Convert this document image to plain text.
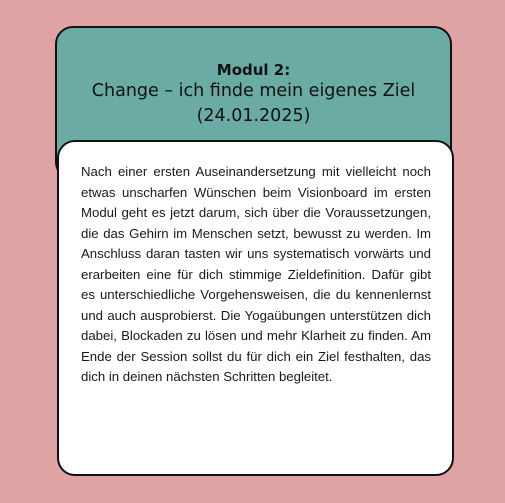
Modul 2:
Change – ich finde mein eigenes Ziel
(24.01.2025)

Nach einer ersten Auseinandersetzung mit vielleicht noch etwas unscharfen Wünschen beim Visionboard im ersten Modul geht es jetzt darum, sich über die Voraussetzungen, die das Gehirn im Menschen setzt, bewusst zu werden. Im Anschluss daran tasten wir uns systematisch vorwärts und erarbeiten eine für dich stimmige Zieldefinition. Dafür gibt es unterschiedliche Vorgehensweisen, die du kennenlernst und auch ausprobierst. Die Yogaübungen unterstützen dich dabei, Blockaden zu lösen und mehr Klarheit zu finden. Am Ende der Session sollst du für dich ein Ziel festhalten, das dich in deinen nächsten Schritten begleitet.
